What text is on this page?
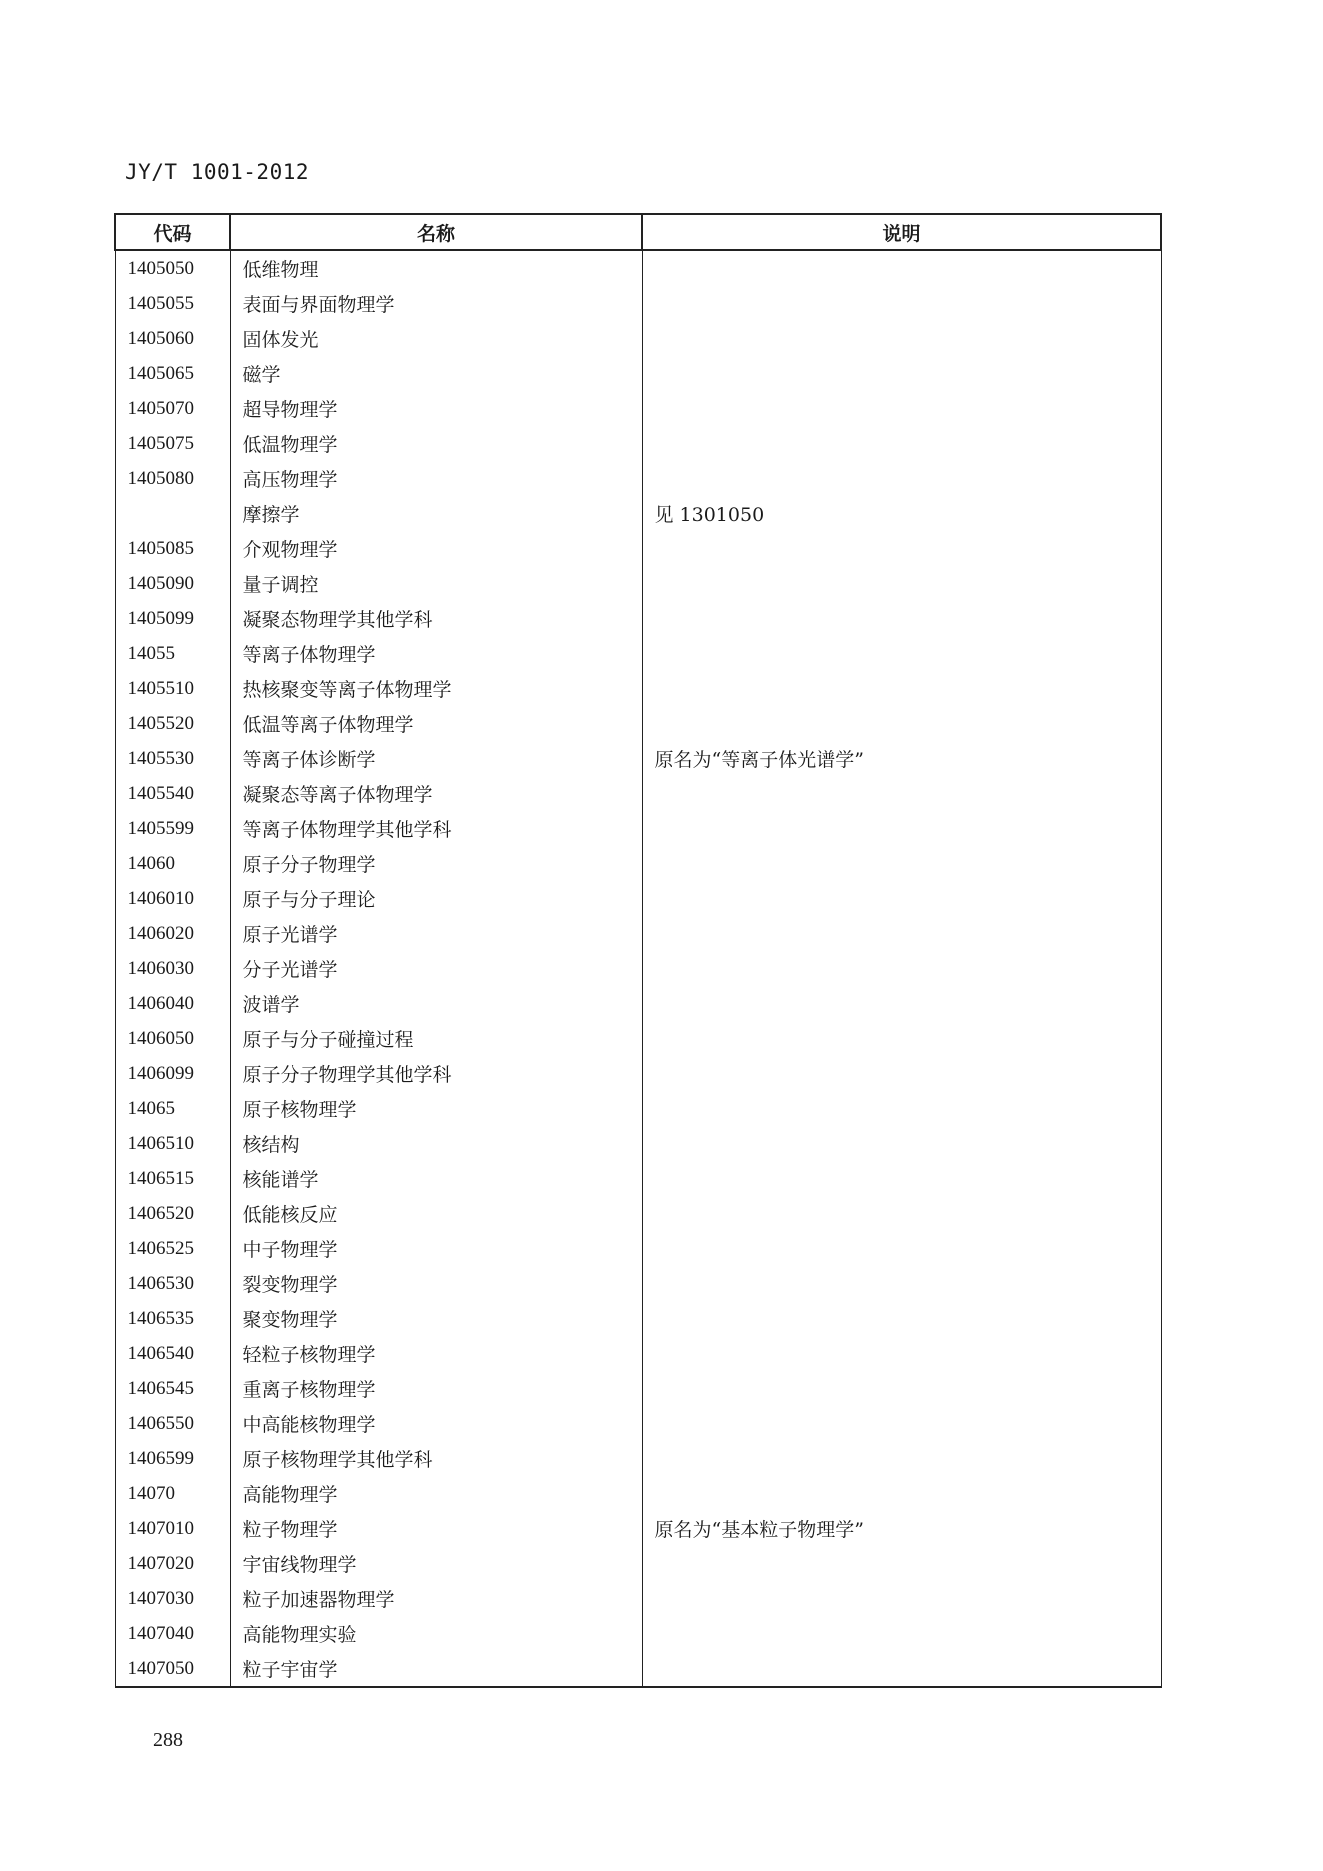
JY/T 1001-2012
代码	名称	说明
1405050	低维物理	
1405055	表面与界面物理学	
1405060	固体发光	
1405065	磁学	
1405070	超导物理学	
1405075	低温物理学	
1405080	高压物理学	
	摩擦学	见 1301050
1405085	介观物理学	
1405090	量子调控	
1405099	凝聚态物理学其他学科	
14055	等离子体物理学	
1405510	热核聚变等离子体物理学	
1405520	低温等离子体物理学	
1405530	等离子体诊断学	原名为“等离子体光谱学”
1405540	凝聚态等离子体物理学	
1405599	等离子体物理学其他学科	
14060	原子分子物理学	
1406010	原子与分子理论	
1406020	原子光谱学	
1406030	分子光谱学	
1406040	波谱学	
1406050	原子与分子碰撞过程	
1406099	原子分子物理学其他学科	
14065	原子核物理学	
1406510	核结构	
1406515	核能谱学	
1406520	低能核反应	
1406525	中子物理学	
1406530	裂变物理学	
1406535	聚变物理学	
1406540	轻粒子核物理学	
1406545	重离子核物理学	
1406550	中高能核物理学	
1406599	原子核物理学其他学科	
14070	高能物理学	
1407010	粒子物理学	原名为“基本粒子物理学”
1407020	宇宙线物理学	
1407030	粒子加速器物理学	
1407040	高能物理实验	
1407050	粒子宇宙学	
288
